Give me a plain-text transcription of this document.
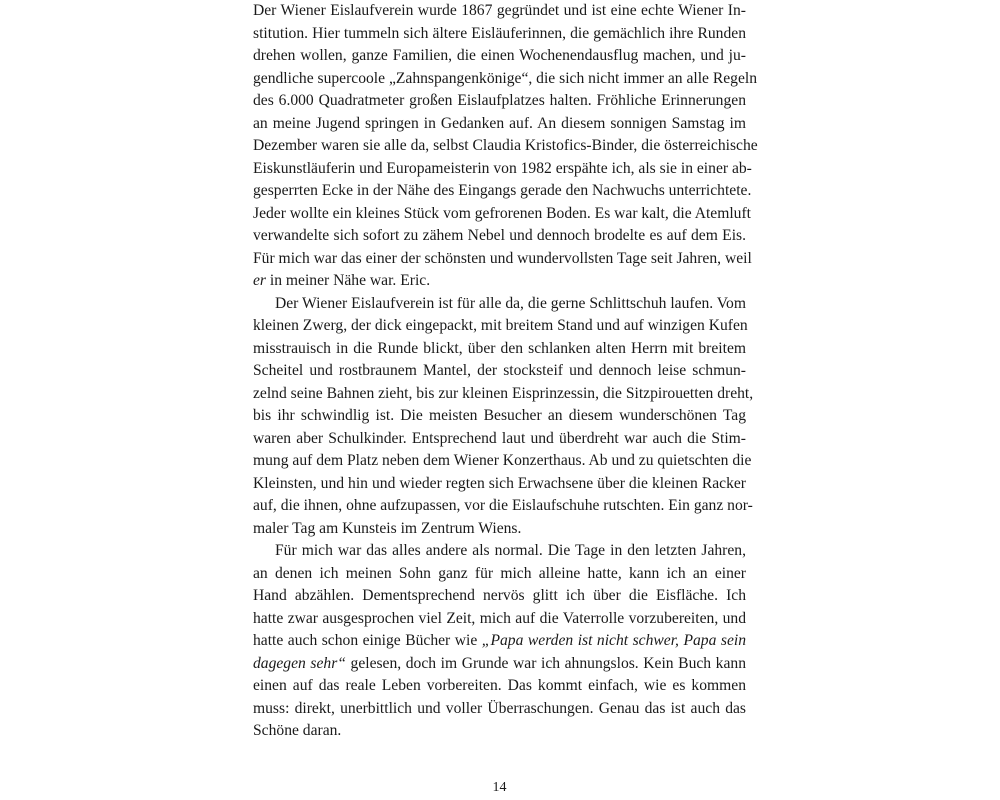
Der Wiener Eislaufverein wurde 1867 gegründet und ist eine echte Wiener In-
stitution. Hier tummeln sich ältere Eisläuferinnen, die gemächlich ihre Runden
drehen wollen, ganze Familien, die einen Wochenendausflug machen, und ju-
gendliche supercoole „Zahnspangenkönige“, die sich nicht immer an alle Regeln
des 6.000 Quadratmeter großen Eislaufplatzes halten. Fröhliche Erinnerungen
an meine Jugend springen in Gedanken auf. An diesem sonnigen Samstag im
Dezember waren sie alle da, selbst Claudia Kristofics-Binder, die österreichische
Eiskunstläuferin und Europameisterin von 1982 erspähte ich, als sie in einer ab-
gesperrten Ecke in der Nähe des Eingangs gerade den Nachwuchs unterrichtete.
Jeder wollte ein kleines Stück vom gefrorenen Boden. Es war kalt, die Atemluft
verwandelte sich sofort zu zähem Nebel und dennoch brodelte es auf dem Eis.
Für mich war das einer der schönsten und wundervollsten Tage seit Jahren, weil
er in meiner Nähe war. Eric.
Der Wiener Eislaufverein ist für alle da, die gerne Schlittschuh laufen. Vom
kleinen Zwerg, der dick eingepackt, mit breitem Stand und auf winzigen Kufen
misstrauisch in die Runde blickt, über den schlanken alten Herrn mit breitem
Scheitel und rostbraunem Mantel, der stocksteif und dennoch leise schmun-
zelnd seine Bahnen zieht, bis zur kleinen Eisprinzessin, die Sitzpirouetten dreht,
bis ihr schwindlig ist. Die meisten Besucher an diesem wunderschönen Tag
waren aber Schulkinder. Entsprechend laut und überdreht war auch die Stim-
mung auf dem Platz neben dem Wiener Konzerthaus. Ab und zu quietschten die
Kleinsten, und hin und wieder regten sich Erwachsene über die kleinen Racker
auf, die ihnen, ohne aufzupassen, vor die Eislaufschuhe rutschten. Ein ganz nor-
maler Tag am Kunsteis im Zentrum Wiens.
Für mich war das alles andere als normal. Die Tage in den letzten Jahren,
an denen ich meinen Sohn ganz für mich alleine hatte, kann ich an einer
Hand abzählen. Dementsprechend nervös glitt ich über die Eisfläche. Ich
hatte zwar ausgesprochen viel Zeit, mich auf die Vaterrolle vorzubereiten, und
hatte auch schon einige Bücher wie „Papa werden ist nicht schwer, Papa sein
dagegen sehr“ gelesen, doch im Grunde war ich ahnungslos. Kein Buch kann
einen auf das reale Leben vorbereiten. Das kommt einfach, wie es kommen
muss: direkt, unerbittlich und voller Überraschungen. Genau das ist auch das
Schöne daran.
14
